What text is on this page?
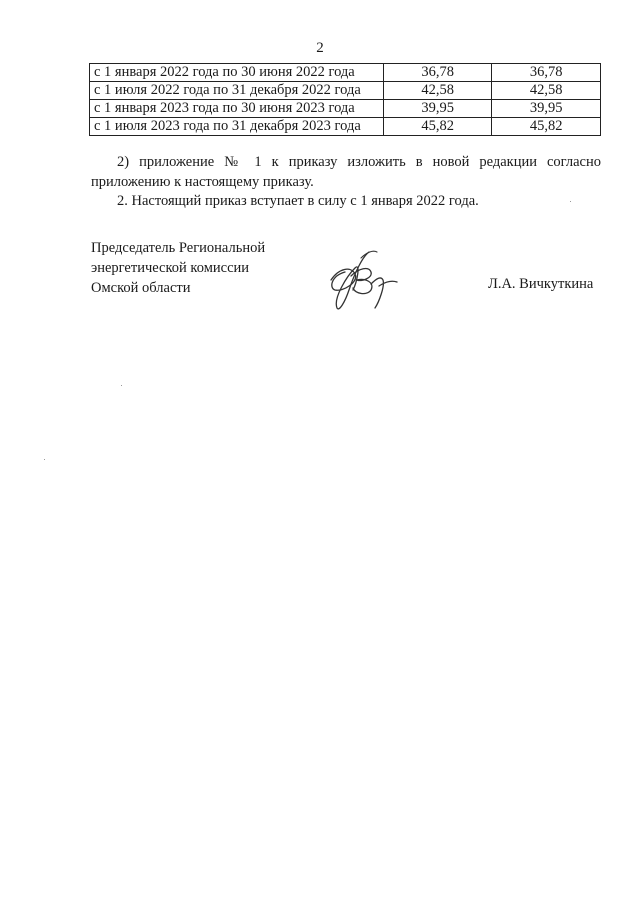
2
с 1 января 2022 года по 30 июня 2022 года	36,78	36,78
с 1 июля 2022 года по 31 декабря 2022 года	42,58	42,58
с 1 января 2023 года по 30 июня 2023 года	39,95	39,95
с 1 июля 2023 года по 31 декабря 2023 года	45,82	45,82

2) приложение № 1 к приказу изложить в новой редакции согласно приложению к настоящему приказу.

2. Настоящий приказ вступает в силу с 1 января 2022 года.

Председатель Региональной
энергетической комиссии
Омской области	Л.А. Вичкуткина
